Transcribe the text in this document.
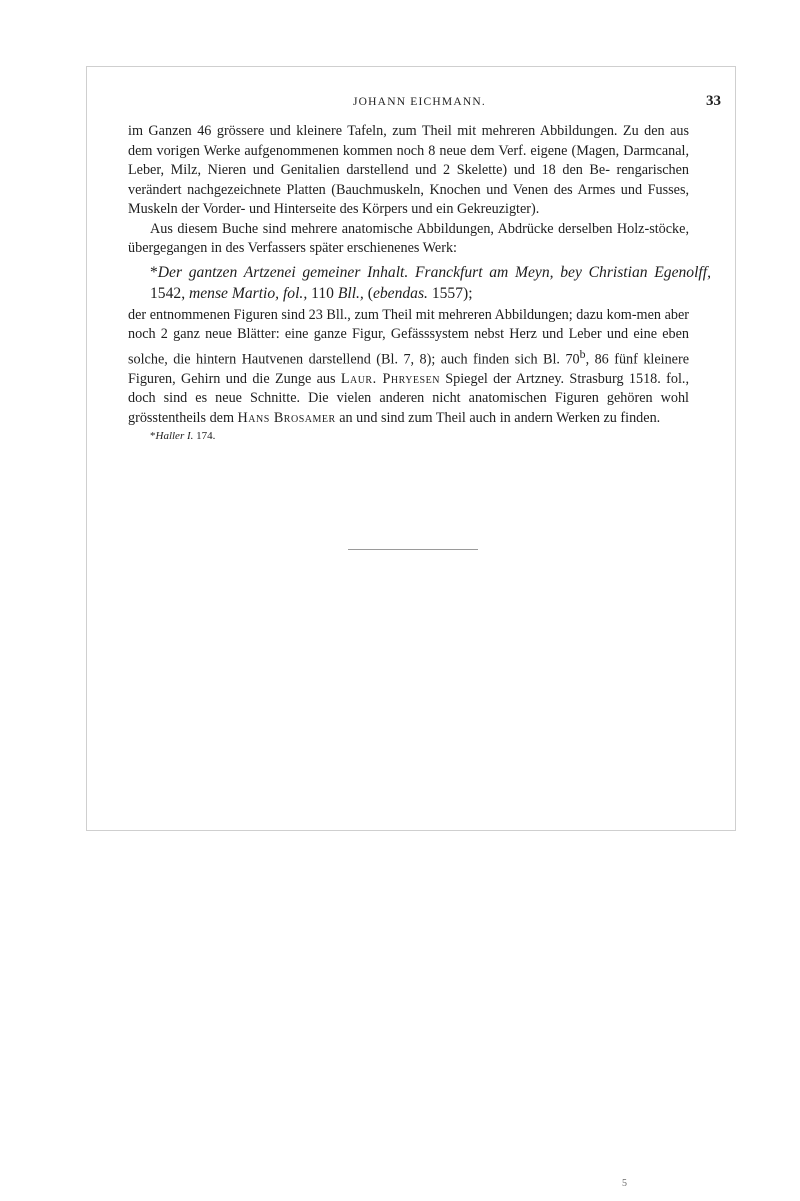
JOHANN EICHMANN.	33

im Ganzen 46 grössere und kleinere Tafeln, zum Theil mit mehreren Abbildungen. Zu den aus dem vorigen Werke aufgenommenen kommen noch 8 neue dem Verf. eigene (Magen, Darmcanal, Leber, Milz, Nieren und Genitalien darstellend und 2 Skelette) und 18 den Be- rengarischen verändert nachgezeichnete Platten (Bauchmuskeln, Knochen und Venen des Armes und Fusses, Muskeln der Vorder- und Hinterseite des Körpers und ein Gekreuzigter).

Aus diesem Buche sind mehrere anatomische Abbildungen, Abdrücke derselben Holz-stöcke, übergegangen in des Verfassers später erschienenes Werk:

*Der gantzen Artzenei gemeiner Inhalt. Franckfurt am Meyn, bey Christian Egenolff, 1542, mense Martio, fol., 110 Bll., (ebendas. 1557);

der entnommenen Figuren sind 23 Bll., zum Theil mit mehreren Abbildungen; dazu kom-men aber noch 2 ganz neue Blätter: eine ganze Figur, Gefässsystem nebst Herz und Leber und eine eben solche, die hintern Hautvenen darstellend (Bl. 7, 8); auch finden sich Bl. 70$^b$, 86 fünf kleinere Figuren, Gehirn und die Zunge aus Laur. Phryesen Spiegel der Artzney. Strasburg 1518. fol., doch sind es neue Schnitte. Die vielen anderen nicht anatomischen Figuren gehören wohl grösstentheils dem Hans Brosamer an und sind zum Theil auch in andern Werken zu finden.

*Haller I. 174.

5
